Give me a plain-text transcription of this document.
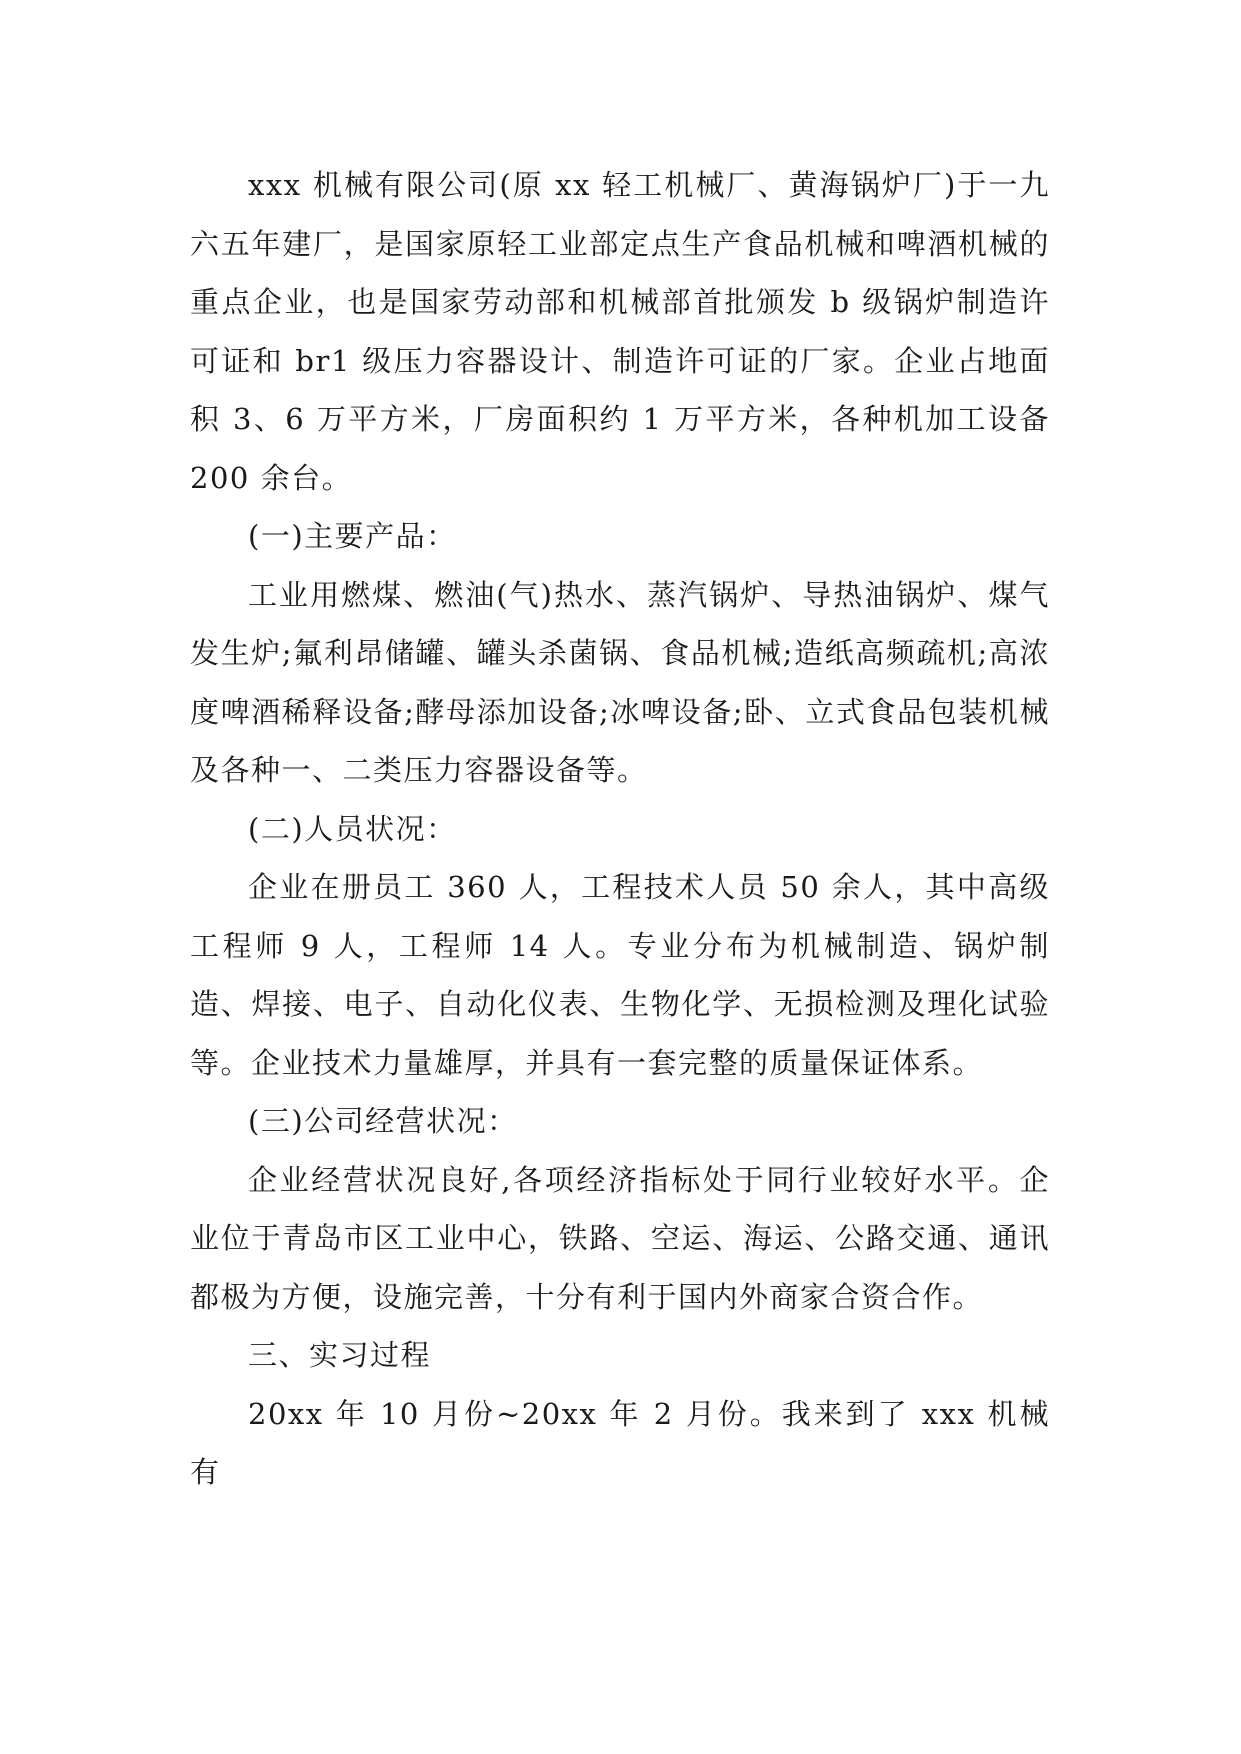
xxx 机械有限公司(原 xx 轻工机械厂、黄海锅炉厂)于一九六五年建厂，是国家原轻工业部定点生产食品机械和啤酒机械的重点企业，也是国家劳动部和机械部首批颁发 b 级锅炉制造许可证和 br1 级压力容器设计、制造许可证的厂家。企业占地面积 3、6 万平方米，厂房面积约 1 万平方米，各种机加工设备 200 余台。

(一)主要产品：

工业用燃煤、燃油(气)热水、蒸汽锅炉、导热油锅炉、煤气发生炉;氟利昂储罐、罐头杀菌锅、食品机械;造纸高频疏机;高浓度啤酒稀释设备;酵母添加设备;冰啤设备;卧、立式食品包装机械及各种一、二类压力容器设备等。

(二)人员状况：

企业在册员工 360 人，工程技术人员 50 余人，其中高级工程师 9 人，工程师 14 人。专业分布为机械制造、锅炉制造、焊接、电子、自动化仪表、生物化学、无损检测及理化试验等。企业技术力量雄厚，并具有一套完整的质量保证体系。

(三)公司经营状况：

企业经营状况良好,各项经济指标处于同行业较好水平。企业位于青岛市区工业中心，铁路、空运、海运、公路交通、通讯都极为方便，设施完善，十分有利于国内外商家合资合作。

三、实习过程

20xx 年 10 月份~20xx 年 2 月份。我来到了 xxx 机械有
